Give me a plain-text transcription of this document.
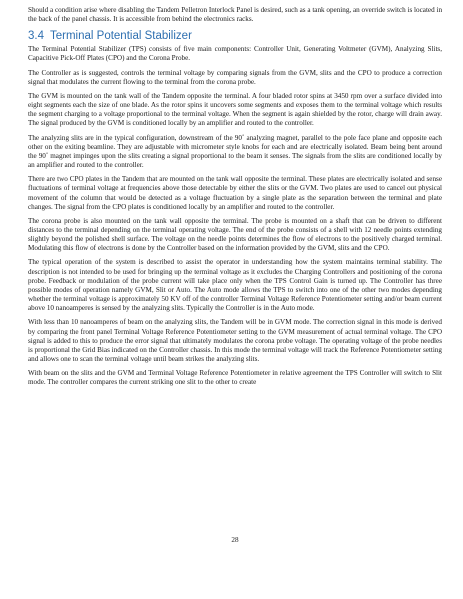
Should a condition arise where disabling the Tandem Pelletron Interlock Panel is desired, such as a tank opening, an override switch is located in the back of the panel chassis. It is accessible from behind the electronics racks.

3.4 Terminal Potential Stabilizer

The Terminal Potential Stabilizer (TPS) consists of five main components: Controller Unit, Generating Voltmeter (GVM), Analyzing Slits, Capacitive Pick-Off Plates (CPO) and the Corona Probe.

The Controller as is suggested, controls the terminal voltage by comparing signals from the GVM, slits and the CPO to produce a correction signal that modulates the current flowing to the terminal from the corona probe.

The GVM is mounted on the tank wall of the Tandem opposite the terminal. A four bladed rotor spins at 3450 rpm over a surface divided into eight segments each the size of one blade. As the rotor spins it uncovers some segments and exposes them to the terminal voltage which results the segment charging to a voltage proportional to the terminal voltage. When the segment is again shielded by the rotor, charge will drain away. The signal produced by the GVM is conditioned locally by an amplifier and routed to the controller.

The analyzing slits are in the typical configuration, downstream of the 90˚ analyzing magnet, parallel to the pole face plane and opposite each other on the exiting beamline. They are adjustable with micrometer style knobs for each and are electrically isolated. Beam being bent around the 90˚ magnet impinges upon the slits creating a signal proportional to the beam it senses. The signals from the slits are conditioned locally by an amplifier and routed to the controller.

There are two CPO plates in the Tandem that are mounted on the tank wall opposite the terminal. These plates are electrically isolated and sense fluctuations of terminal voltage at frequencies above those detectable by either the slits or the GVM. Two plates are used to cancel out physical movement of the column that would be detected as a voltage fluctuation by a single plate as the separation between the terminal and plate changes. The signal from the CPO plates is conditioned locally by an amplifier and routed to the controller.

The corona probe is also mounted on the tank wall opposite the terminal. The probe is mounted on a shaft that can be driven to different distances to the terminal depending on the terminal operating voltage. The end of the probe consists of a shell with 12 needle points extending slightly beyond the polished shell surface. The voltage on the needle points determines the flow of electrons to the positively charged terminal. Modulating this flow of electrons is done by the Controller based on the information provided by the GVM, slits and the CPO.

The typical operation of the system is described to assist the operator in understanding how the system maintains terminal stability. The description is not intended to be used for bringing up the terminal voltage as it excludes the Charging Controllers and positioning of the corona probe. Feedback or modulation of the probe current will take place only when the TPS Control Gain is turned up. The Controller has three possible modes of operation namely GVM, Slit or Auto. The Auto mode allows the TPS to switch into one of the other two modes depending whether the terminal voltage is approximately 50 KV off of the controller Terminal Voltage Reference Potentiometer setting and/or beam current above 10 nanoamperes is sensed by the analyzing slits. Typically the Controller is in the Auto mode.

With less than 10 nanoamperes of beam on the analyzing slits, the Tandem will be in GVM mode. The correction signal in this mode is derived by comparing the front panel Terminal Voltage Reference Potentiometer setting to the GVM measurement of actual terminal voltage. The CPO signal is added to this to produce the error signal that ultimately modulates the corona probe voltage. The operating voltage of the probe needles is proportional the Grid Bias indicated on the Controller chassis. In this mode the terminal voltage will track the Reference Potentiometer setting and allows one to scan the terminal voltage until beam strikes the analyzing slits.

With beam on the slits and the GVM and Terminal Voltage Reference Potentiometer in relative agreement the TPS Controller will switch to Slit mode. The controller compares the current striking one slit to the other to create

28
